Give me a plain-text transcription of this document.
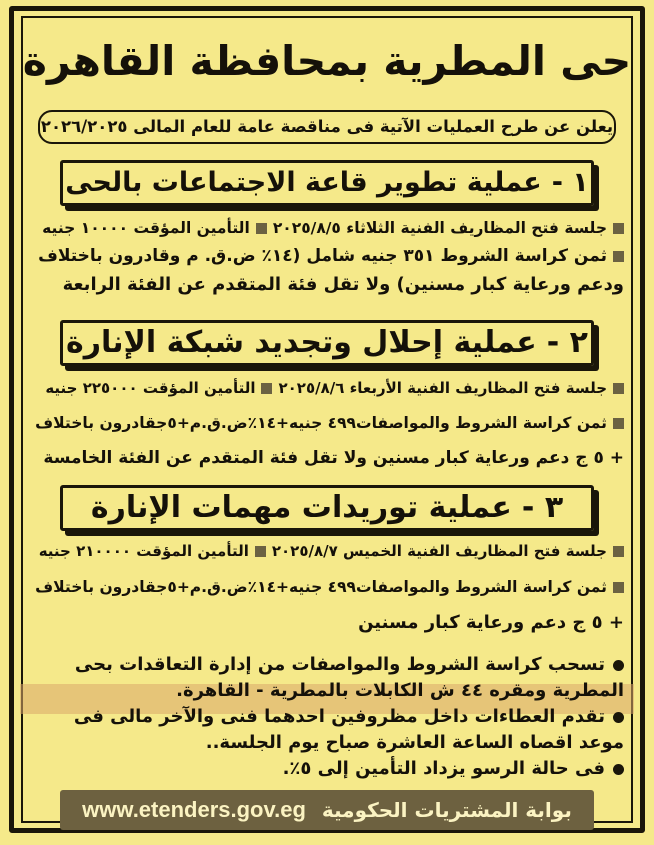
حى المطرية بمحافظة القاهرة
يعلن عن طرح العمليات الآتية فى مناقصة عامة للعام المالى ٢٠٢٦/٢٠٢٥
١ -عملية تطوير قاعة الاجتماعات بالحى
جلسة فتح المظاريف الفنية الثلاثاء ٢٠٢٥/٨/٥التأمين المؤقت ١٠٠٠٠ جنيه
ثمن كراسة الشروط ٣٥١ جنيه شامل (١٤٪ ض.ق. م وقادرون باختلاف
ودعم ورعاية كبار مسنين) ولا تقل فئة المتقدم عن الفئة الرابعة
٢ -عملية إحلال وتجديد شبكة الإنارة
جلسة فتح المظاريف الفنية الأربعاء ٢٠٢٥/٨/٦التأمين المؤقت ٢٢٥٠٠٠ جنيه
ثمن كراسة الشروط والمواصفات٤٩٩ جنيه+١٤٪ض.ق.م+٥جقادرون باختلاف
+ ٥ ج دعم ورعاية كبار مسنين ولا تقل فئة المتقدم عن الفئة الخامسة
٣ -عملية توريدات مهمات الإنارة
جلسة فتح المظاريف الفنية الخميس ٢٠٢٥/٨/٧التأمين المؤقت ٢١٠٠٠٠ جنيه
ثمن كراسة الشروط والمواصفات٤٩٩ جنيه+١٤٪ض.ق.م+٥جقادرون باختلاف
+ ٥ ج دعم ورعاية كبار مسنين
تسحب كراسة الشروط والمواصفات من إدارة التعاقدات بحى
المطرية ومقره ٤٤ ش الكابلات بالمطرية - القاهرة.
تقدم العطاءات داخل مظروفين احدهما فنى والآخر مالى فى
موعد اقصاه الساعة العاشرة صباح يوم الجلسة..
فى حالة الرسو يزداد التأمين إلى ٥٪.
بوابة المشتريات الحكومية
www.etenders.gov.eg
